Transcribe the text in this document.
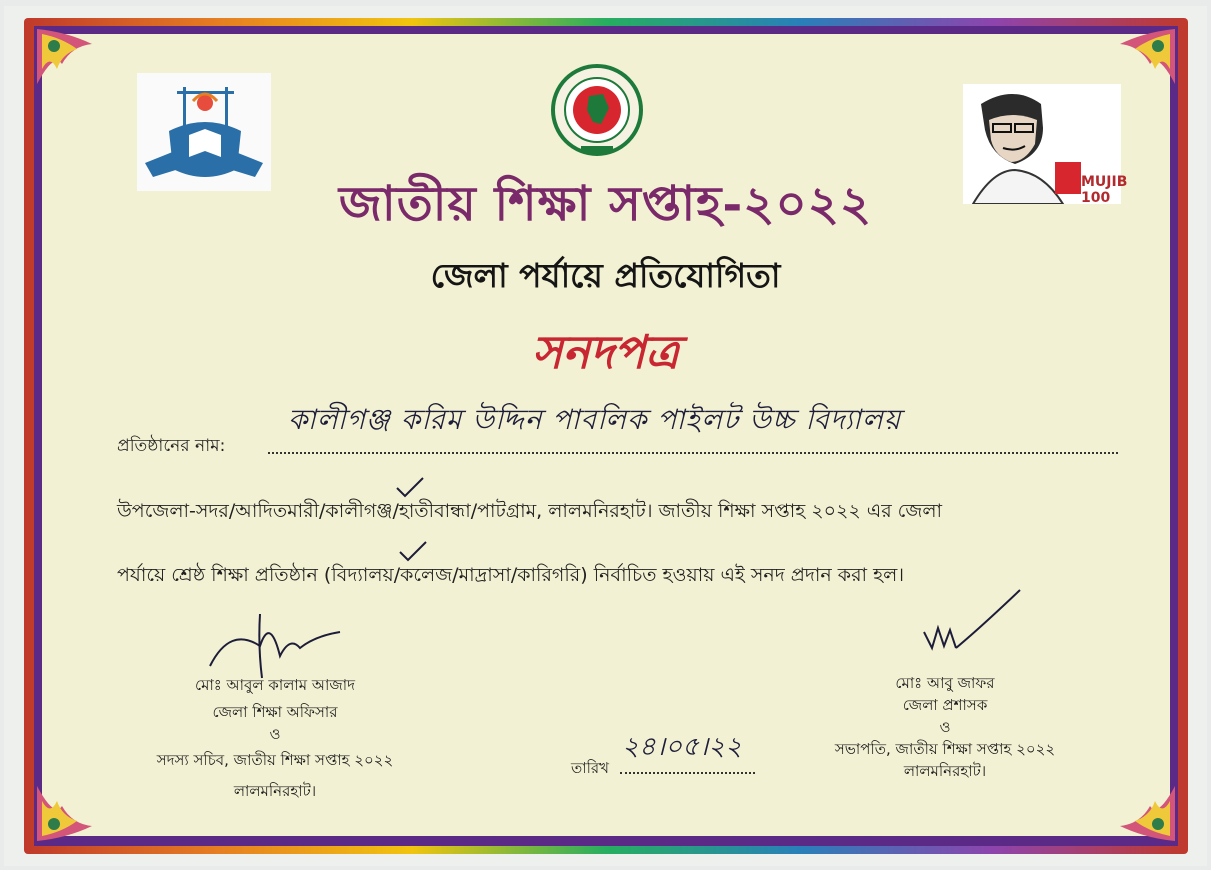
MUJIB 100
জাতীয় শিক্ষা সপ্তাহ-২০২২
জেলা পর্যায়ে প্রতিযোগিতা
সনদপত্র
কালীগঞ্জ করিম উদ্দিন পাবলিক পাইলট উচ্চ বিদ্যালয়
প্রতিষ্ঠানের নাম:
উপজেলা-সদর/আদিতমারী/কালীগঞ্জ/হাতীবান্ধা/পাটগ্রাম, লালমনিরহাট। জাতীয় শিক্ষা সপ্তাহ ২০২২ এর জেলা
পর্যায়ে শ্রেষ্ঠ শিক্ষা প্রতিষ্ঠান (বিদ্যালয়/কলেজ/মাদ্রাসা/কারিগরি) নির্বাচিত হওয়ায় এই সনদ প্রদান করা হল।
মোঃ আবুল কালাম আজাদ
জেলা শিক্ষা অফিসার
ও
সদস্য সচিব, জাতীয় শিক্ষা সপ্তাহ ২০২২
লালমনিরহাট।
মোঃ আবু জাফর
জেলা প্রশাসক
ও
সভাপতি, জাতীয় শিক্ষা সপ্তাহ ২০২২
লালমনিরহাট।
২৪।০৫।২২
তারিখ
